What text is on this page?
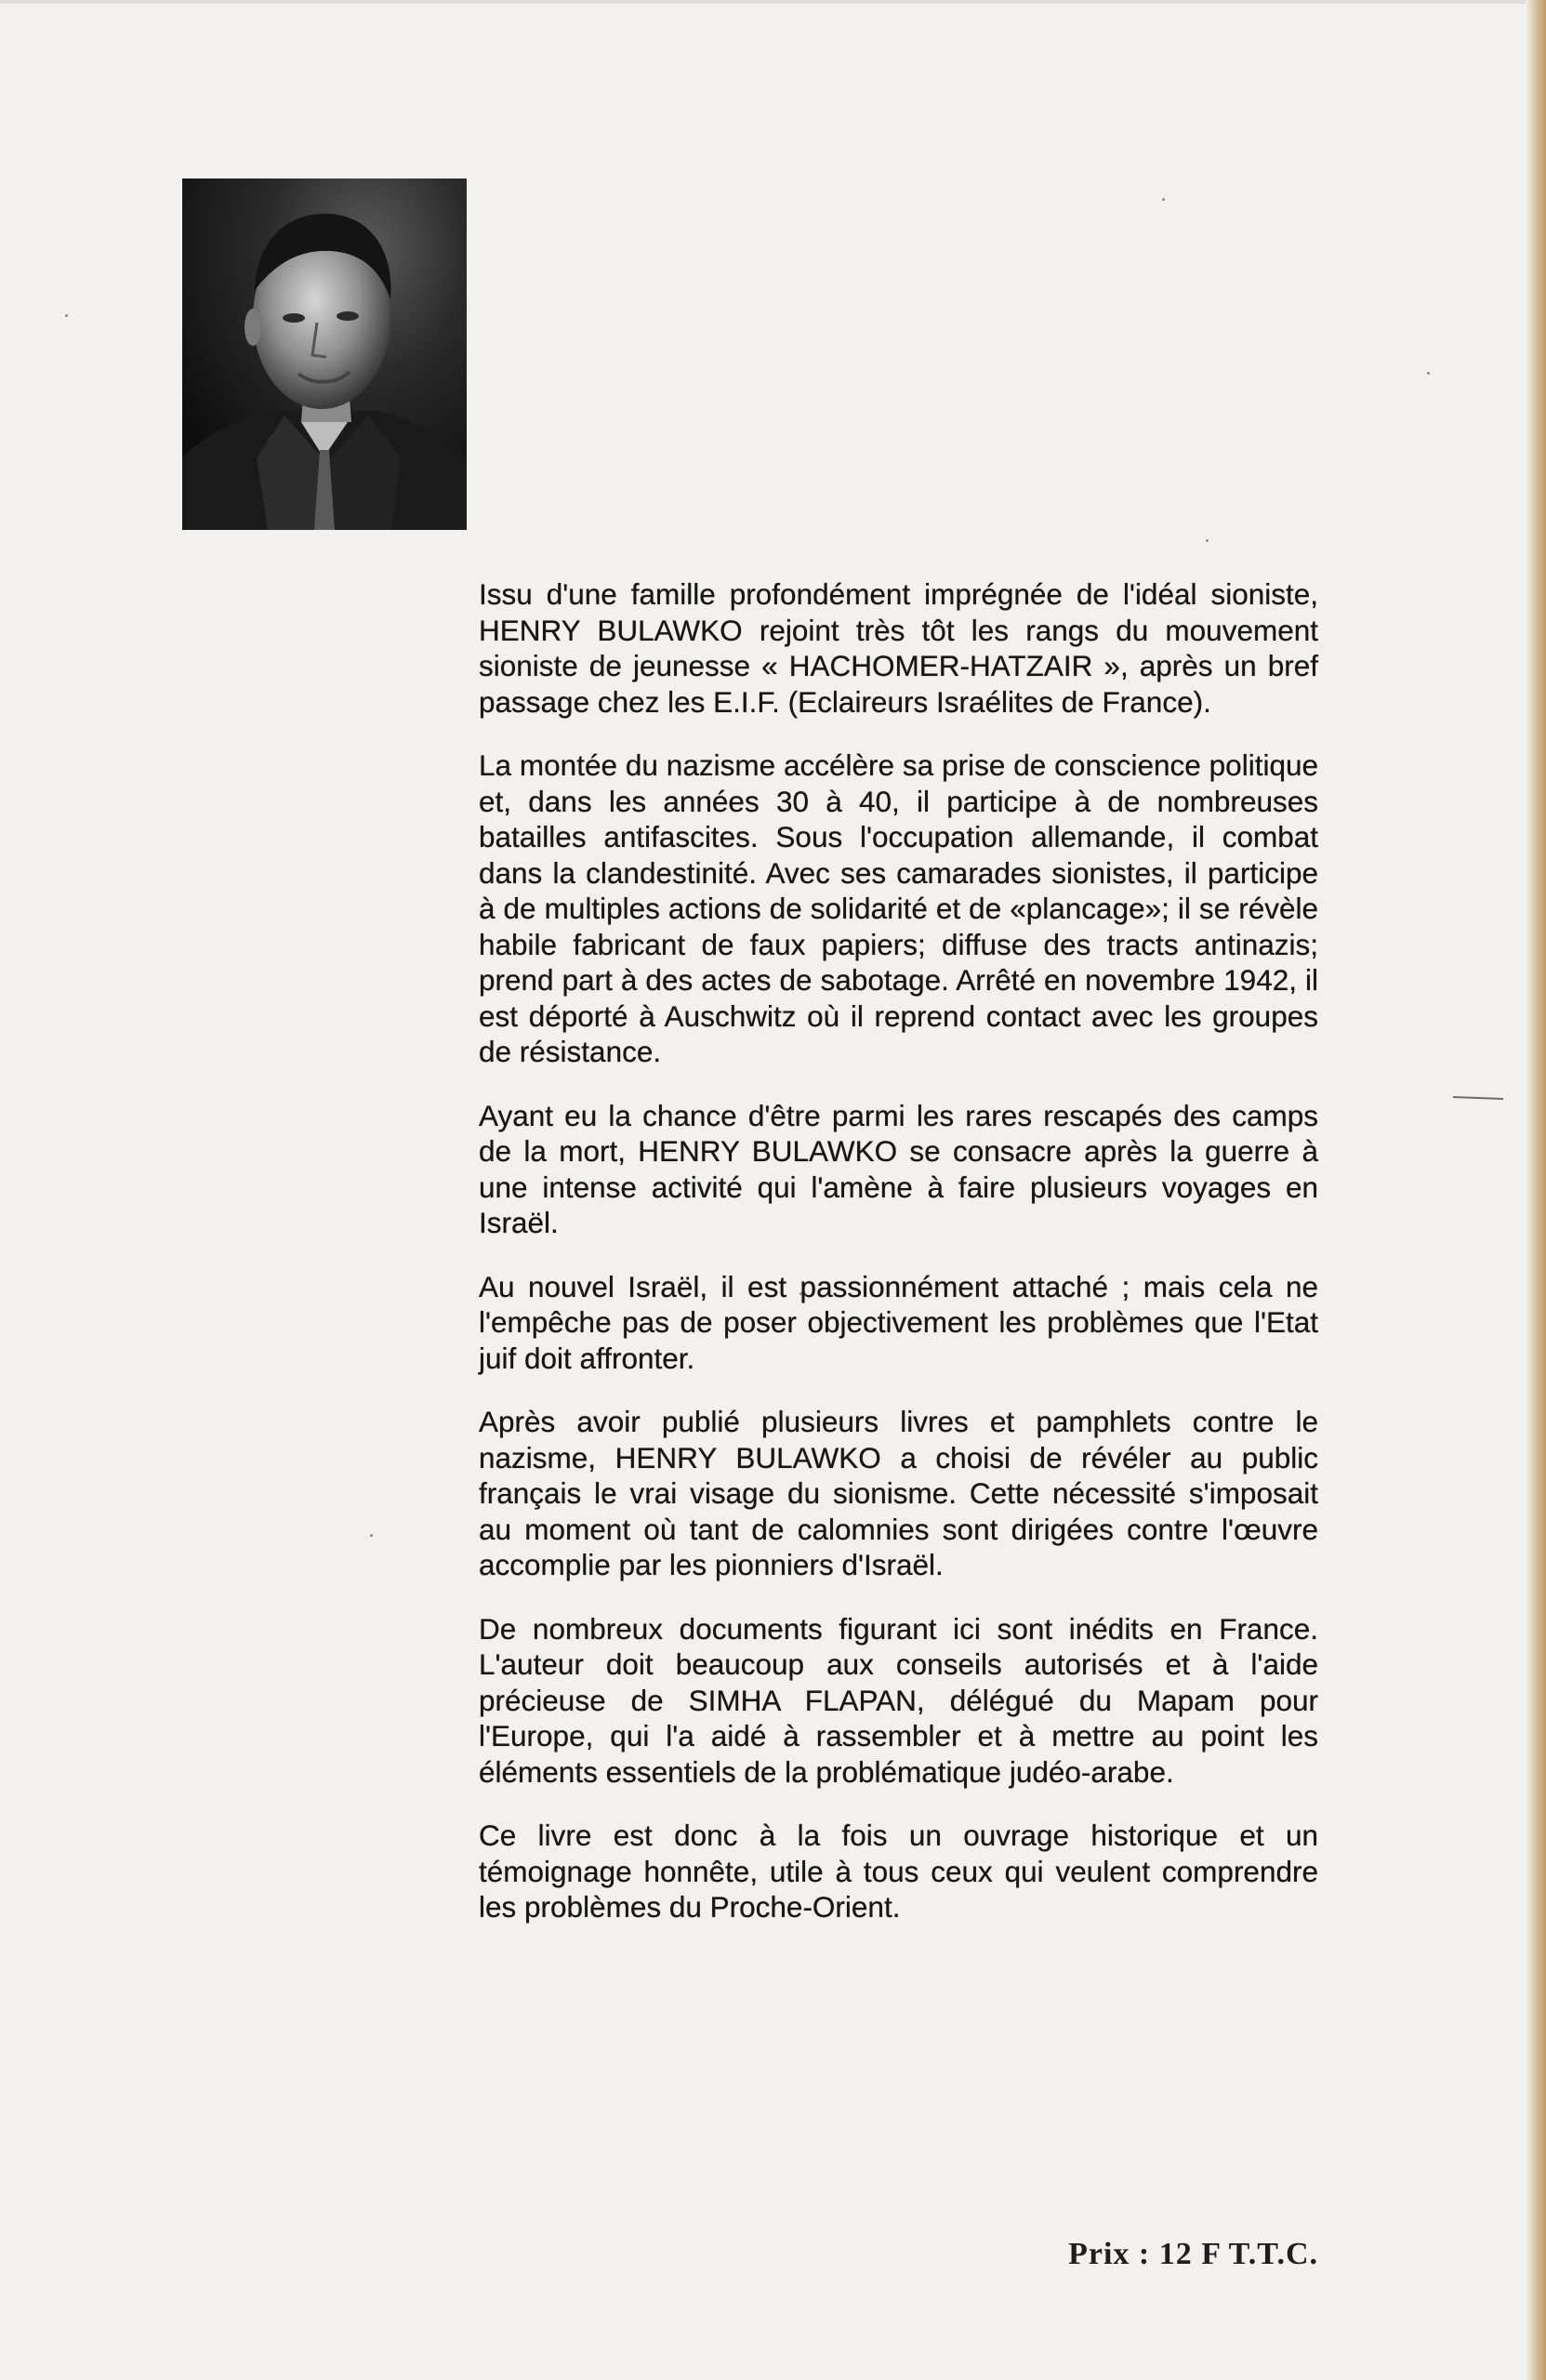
Issu d'une famille profondément imprégnée de l'idéal sioniste, HENRY BULAWKO rejoint très tôt les rangs du mouvement sioniste de jeunesse « HACHOMER-HATZAIR », après un bref passage chez les E.I.F. (Eclaireurs Israélites de France).

La montée du nazisme accélère sa prise de conscience politique et, dans les années 30 à 40, il participe à de nombreuses batailles antifascites. Sous l'occupation allemande, il combat dans la clandestinité. Avec ses camarades sionistes, il participe à de multiples actions de solidarité et de «plancage»; il se révèle habile fabricant de faux papiers; diffuse des tracts antinazis; prend part à des actes de sabotage. Arrêté en novembre 1942, il est déporté à Auschwitz où il reprend contact avec les groupes de résistance.

Ayant eu la chance d'être parmi les rares rescapés des camps de la mort, HENRY BULAWKO se consacre après la guerre à une intense activité qui l'amène à faire plusieurs voyages en Israël.

Au nouvel Israël, il est passionnément attaché ; mais cela ne l'empêche pas de poser objectivement les problèmes que l'Etat juif doit affronter.

Après avoir publié plusieurs livres et pamphlets contre le nazisme, HENRY BULAWKO a choisi de révéler au public français le vrai visage du sionisme. Cette nécessité s'imposait au moment où tant de calomnies sont dirigées contre l'œuvre accomplie par les pionniers d'Israël.

De nombreux documents figurant ici sont inédits en France. L'auteur doit beaucoup aux conseils autorisés et à l'aide précieuse de SIMHA FLAPAN, délégué du Mapam pour l'Europe, qui l'a aidé à rassembler et à mettre au point les éléments essentiels de la problématique judéo-arabe.

Ce livre est donc à la fois un ouvrage historique et un témoignage honnête, utile à tous ceux qui veulent comprendre les problèmes du Proche-Orient.

Prix : 12 F T.T.C.
